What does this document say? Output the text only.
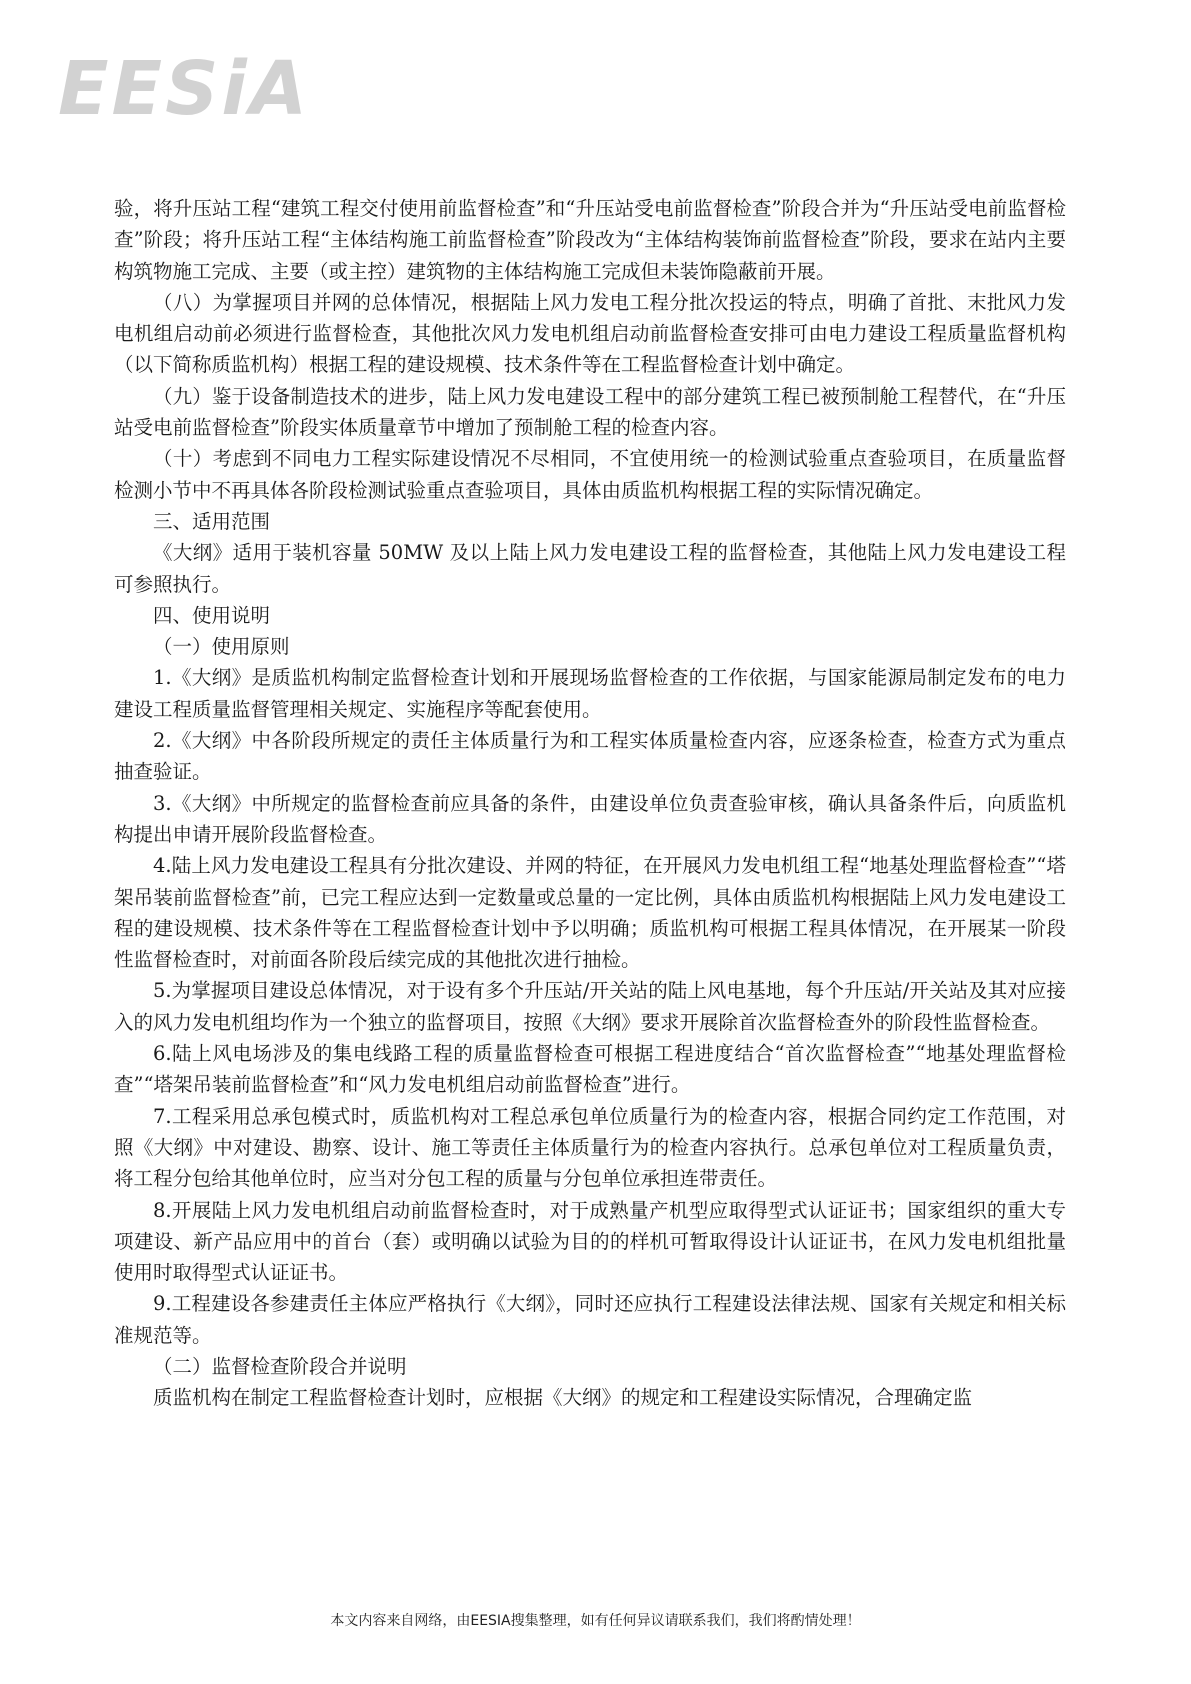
EESiA

验，将升压站工程“建筑工程交付使用前监督检查”和“升压站受电前监督检查”阶段合并为“升压站受电前监督检查”阶段；将升压站工程“主体结构施工前监督检查”阶段改为“主体结构装饰前监督检查”阶段，要求在站内主要构筑物施工完成、主要（或主控）建筑物的主体结构施工完成但未装饰隐蔽前开展。

（八）为掌握项目并网的总体情况，根据陆上风力发电工程分批次投运的特点，明确了首批、末批风力发电机组启动前必须进行监督检查，其他批次风力发电机组启动前监督检查安排可由电力建设工程质量监督机构（以下简称质监机构）根据工程的建设规模、技术条件等在工程监督检查计划中确定。

（九）鉴于设备制造技术的进步，陆上风力发电建设工程中的部分建筑工程已被预制舱工程替代，在“升压站受电前监督检查”阶段实体质量章节中增加了预制舱工程的检查内容。

（十）考虑到不同电力工程实际建设情况不尽相同，不宜使用统一的检测试验重点查验项目，在质量监督检测小节中不再具体各阶段检测试验重点查验项目，具体由质监机构根据工程的实际情况确定。

三、适用范围

《大纲》适用于装机容量 50MW 及以上陆上风力发电建设工程的监督检查，其他陆上风力发电建设工程可参照执行。

四、使用说明

（一）使用原则

1.《大纲》是质监机构制定监督检查计划和开展现场监督检查的工作依据，与国家能源局制定发布的电力建设工程质量监督管理相关规定、实施程序等配套使用。

2.《大纲》中各阶段所规定的责任主体质量行为和工程实体质量检查内容，应逐条检查，检查方式为重点抽查验证。

3.《大纲》中所规定的监督检查前应具备的条件，由建设单位负责查验审核，确认具备条件后，向质监机构提出申请开展阶段监督检查。

4.陆上风力发电建设工程具有分批次建设、并网的特征，在开展风力发电机组工程“地基处理监督检查”“塔架吊装前监督检查”前，已完工程应达到一定数量或总量的一定比例，具体由质监机构根据陆上风力发电建设工程的建设规模、技术条件等在工程监督检查计划中予以明确；质监机构可根据工程具体情况，在开展某一阶段性监督检查时，对前面各阶段后续完成的其他批次进行抽检。

5.为掌握项目建设总体情况，对于设有多个升压站/开关站的陆上风电基地，每个升压站/开关站及其对应接入的风力发电机组均作为一个独立的监督项目，按照《大纲》要求开展除首次监督检查外的阶段性监督检查。

6.陆上风电场涉及的集电线路工程的质量监督检查可根据工程进度结合“首次监督检查”“地基处理监督检查”“塔架吊装前监督检查”和“风力发电机组启动前监督检查”进行。

7.工程采用总承包模式时，质监机构对工程总承包单位质量行为的检查内容，根据合同约定工作范围，对照《大纲》中对建设、勘察、设计、施工等责任主体质量行为的检查内容执行。总承包单位对工程质量负责，将工程分包给其他单位时，应当对分包工程的质量与分包单位承担连带责任。

8.开展陆上风力发电机组启动前监督检查时，对于成熟量产机型应取得型式认证证书；国家组织的重大专项建设、新产品应用中的首台（套）或明确以试验为目的的样机可暂取得设计认证证书，在风力发电机组批量使用时取得型式认证证书。

9.工程建设各参建责任主体应严格执行《大纲》，同时还应执行工程建设法律法规、国家有关规定和相关标准规范等。

（二）监督检查阶段合并说明

质监机构在制定工程监督检查计划时，应根据《大纲》的规定和工程建设实际情况，合理确定监

本文内容来自网络，由EESIA搜集整理，如有任何异议请联系我们，我们将酌情处理！
